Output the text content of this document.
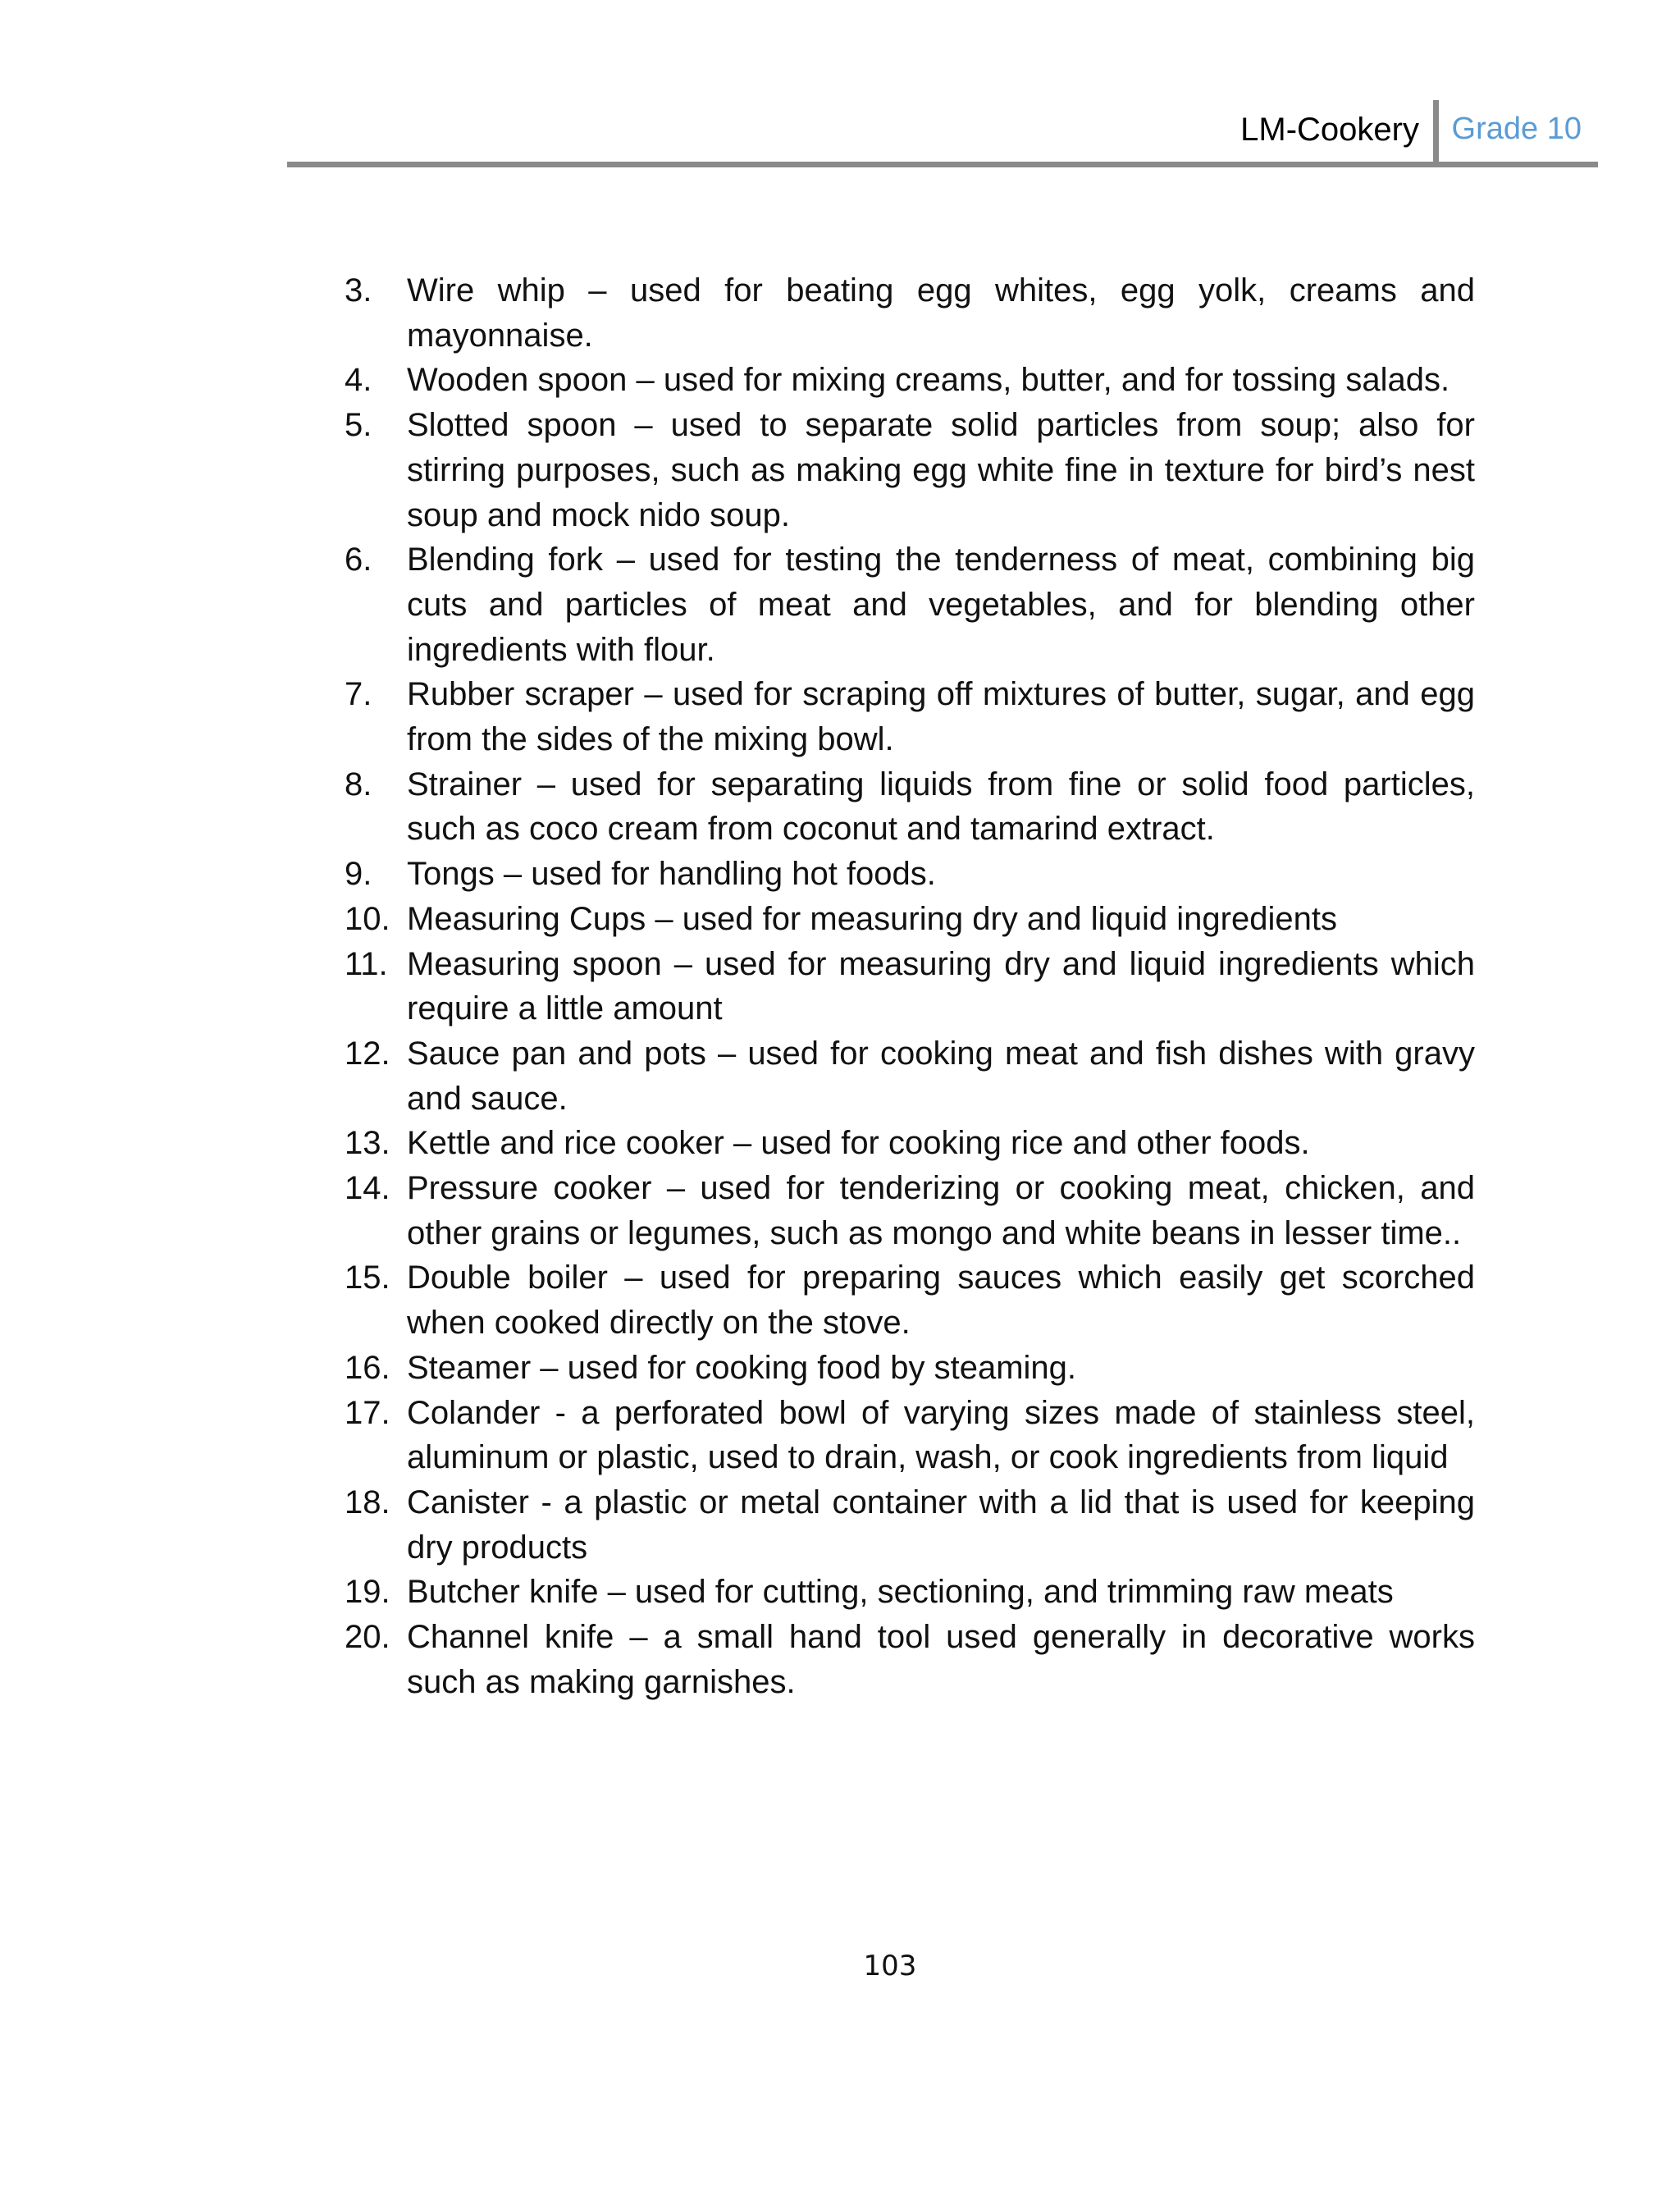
LM-Cookery Grade 10
3.	Wire whip – used for beating egg whites, egg yolk, creams and mayonnaise.
4.	Wooden spoon – used for mixing creams, butter, and for tossing salads.
5.	Slotted spoon – used to separate solid particles from soup; also for stirring purposes, such as making egg white fine in texture for bird’s nest soup and mock nido soup.
6.	Blending fork – used for testing the tenderness of meat, combining big cuts and particles of meat and vegetables, and for blending other ingredients with flour.
7.	Rubber scraper – used for scraping off mixtures of butter, sugar, and egg from the sides of the mixing bowl.
8.	Strainer – used for separating liquids from fine or solid food particles, such as coco cream from coconut and tamarind extract.
9.	Tongs – used for handling hot foods.
10. Measuring Cups – used for measuring dry and liquid ingredients
11. Measuring spoon – used for measuring dry and liquid ingredients which require a little amount
12. Sauce pan and pots – used for cooking meat and fish dishes with gravy and sauce.
13. Kettle and rice cooker – used for cooking rice and other foods.
14. Pressure cooker – used for tenderizing or cooking meat, chicken, and other grains or legumes, such as mongo and white beans in lesser time..
15. Double boiler – used for preparing sauces which easily get scorched when cooked directly on the stove.
16. Steamer – used for cooking food by steaming.
17. Colander - a perforated bowl of varying sizes made of stainless steel, aluminum or plastic, used to drain, wash, or cook ingredients from liquid
18. Canister - a plastic or metal container with a lid that is used for keeping dry products
19. Butcher knife – used for cutting, sectioning, and trimming raw meats
20. Channel knife – a small hand tool used generally in decorative works such as making garnishes.
103
